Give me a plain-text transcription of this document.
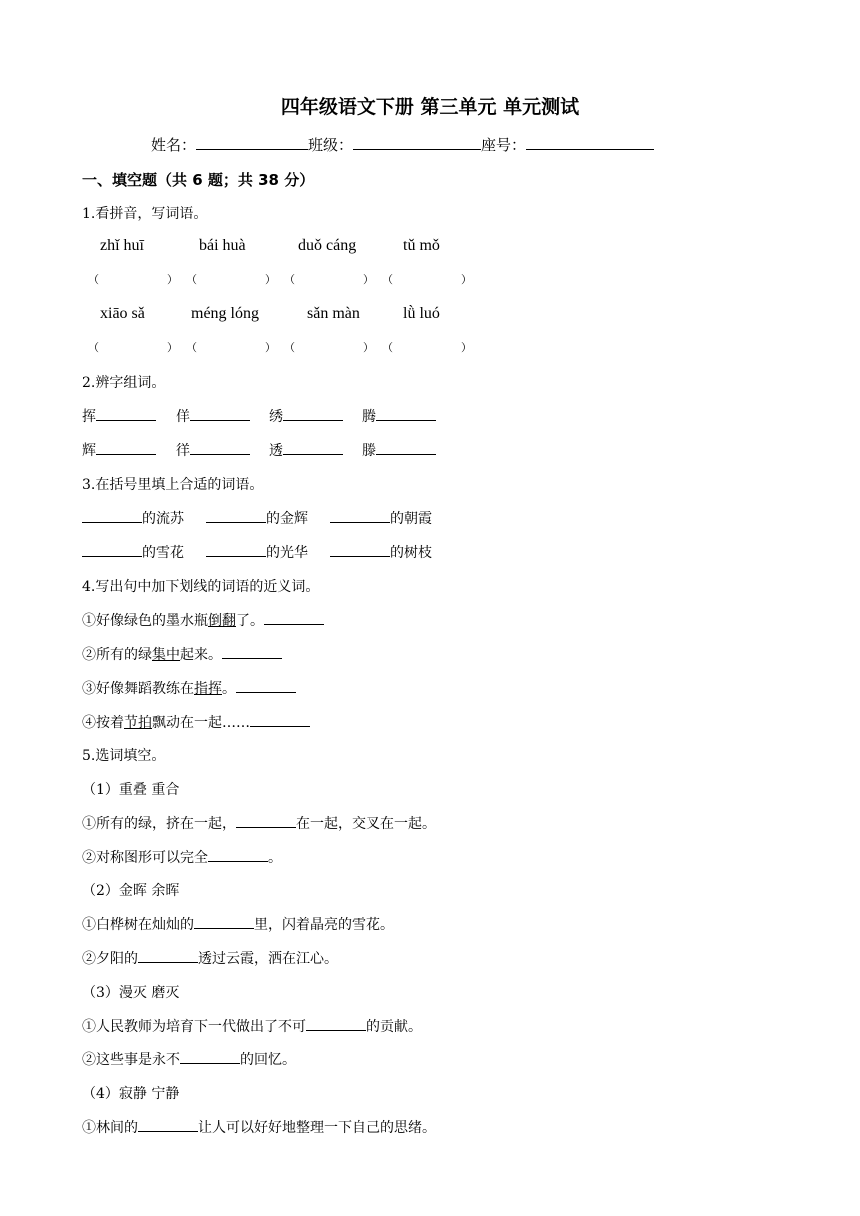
四年级语文下册 第三单元 单元测试
姓名：	班级：	座号：
一、填空题（共 6 题；共 38 分）
1.看拼音，写词语。
zhǐ huī	bái huà	duǒ cáng	tǔ mǒ
（	） （	） （	） （	）
xiāo sǎ	méng lóng	sǎn màn	lǜ luó
（	） （	） （	） （	）
2.辨字组词。
挥	佯	绣	腾
辉	徉	透	滕
3.在括号里填上合适的词语。
的流苏	的金辉	的朝霞
的雪花	的光华	的树枝
4.写出句中加下划线的词语的近义词。
①好像绿色的墨水瓶倒翻了。
②所有的绿集中起来。
③好像舞蹈教练在指挥。
④按着节拍飘动在一起……
5.选词填空。
（1）重叠 重合
①所有的绿，挤在一起，	在一起，交叉在一起。
②对称图形可以完全	。
（2）金晖 余晖
①白桦树在灿灿的	里，闪着晶亮的雪花。
②夕阳的	透过云霞，洒在江心。
（3）漫灭 磨灭
①人民教师为培育下一代做出了不可	的贡献。
②这些事是永不	的回忆。
（4）寂静 宁静
①林间的	让人可以好好地整理一下自己的思绪。
